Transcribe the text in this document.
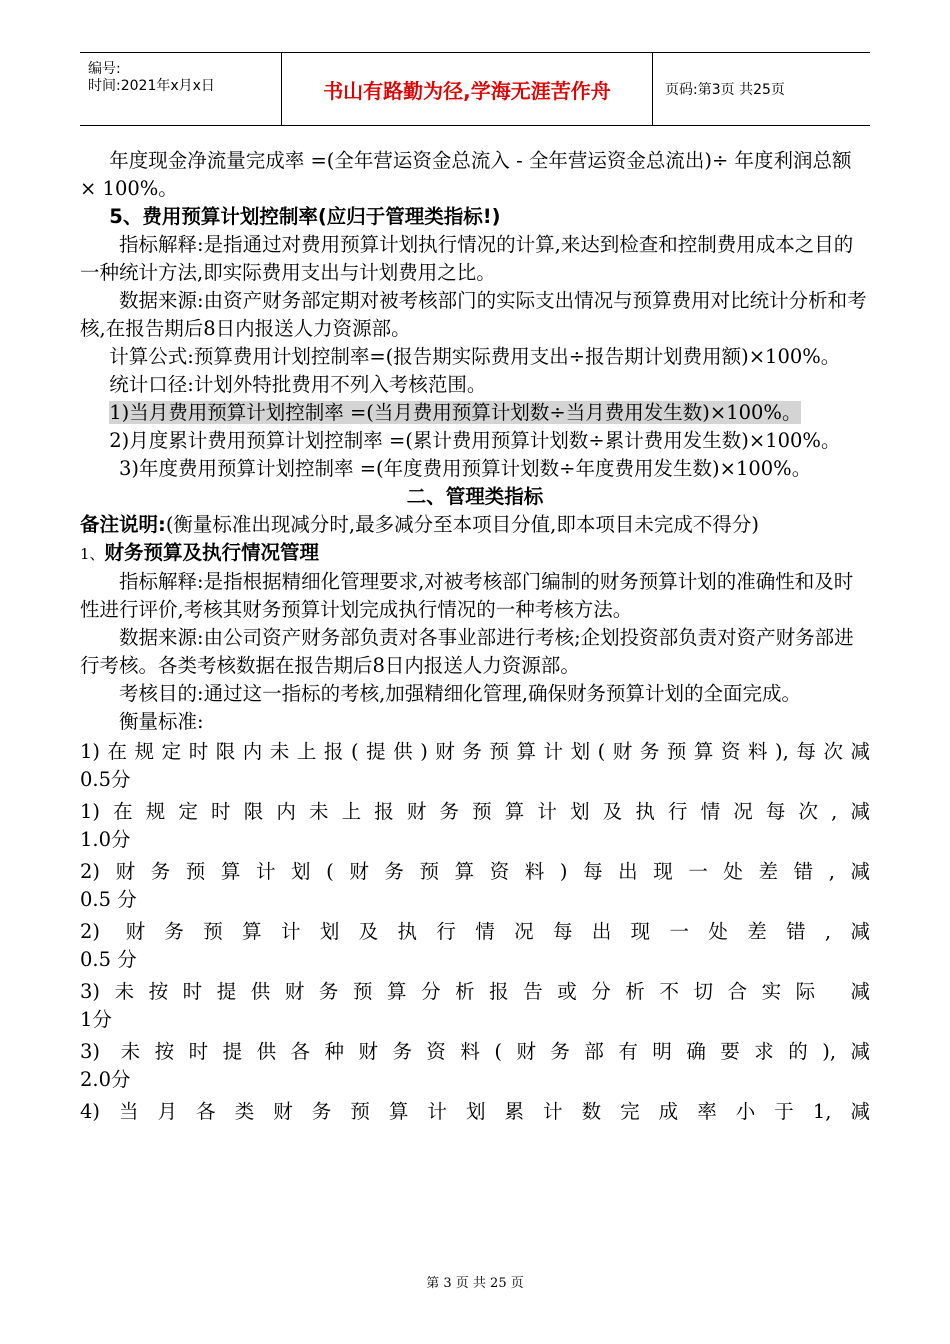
编号:
时间:2021年x月x日	书山有路勤为径,学海无涯苦作舟	页码:第3页 共25页

年度现金净流量完成率 =(全年营运资金总流入 - 全年营运资金总流出)÷ 年度利润总额 × 100%。

5、费用预算计划控制率(应归于管理类指标!)

指标解释:是指通过对费用预算计划执行情况的计算,来达到检查和控制费用成本之目的一种统计方法,即实际费用支出与计划费用之比。

数据来源:由资产财务部定期对被考核部门的实际支出情况与预算费用对比统计分析和考核,在报告期后8日内报送人力资源部。

计算公式:预算费用计划控制率=(报告期实际费用支出÷报告期计划费用额)×100%。

统计口径:计划外特批费用不列入考核范围。

1)当月费用预算计划控制率 =(当月费用预算计划数÷当月费用发生数)×100%。

2)月度累计费用预算计划控制率 =(累计费用预算计划数÷累计费用发生数)×100%。

3)年度费用预算计划控制率 =(年度费用预算计划数÷年度费用发生数)×100%。

二、管理类指标

备注说明:(衡量标准出现减分时,最多减分至本项目分值,即本项目未完成不得分)

1、财务预算及执行情况管理

指标解释:是指根据精细化管理要求,对被考核部门编制的财务预算计划的准确性和及时性进行评价,考核其财务预算计划完成执行情况的一种考核方法。

数据来源:由公司资产财务部负责对各事业部进行考核;企划投资部负责对资产财务部进行考核。各类考核数据在报告期后8日内报送人力资源部。

考核目的:通过这一指标的考核,加强精细化管理,确保财务预算计划的全面完成。

衡量标准:

1)在规定时限内未上报(提供)财务预算计划(财务预算资料),每次减

0.5分

1)在规定时限内未上报财务预算计划及执行情况每次,减

1.0分

2)财务预算计划(财务预算资料)每出现一处差错,减

0.5 分

2) 财务预算计划及执行情况每出现一处差错,减

0.5 分

3)未按时提供财务预算分析报告或分析不切合实际 减

1分

3) 未按时提供各种财务资料(财务部有明确要求的),减

2.0分

4)当月各类财务预算计划累计数完成率小于1,减

第 3 页 共 25 页
